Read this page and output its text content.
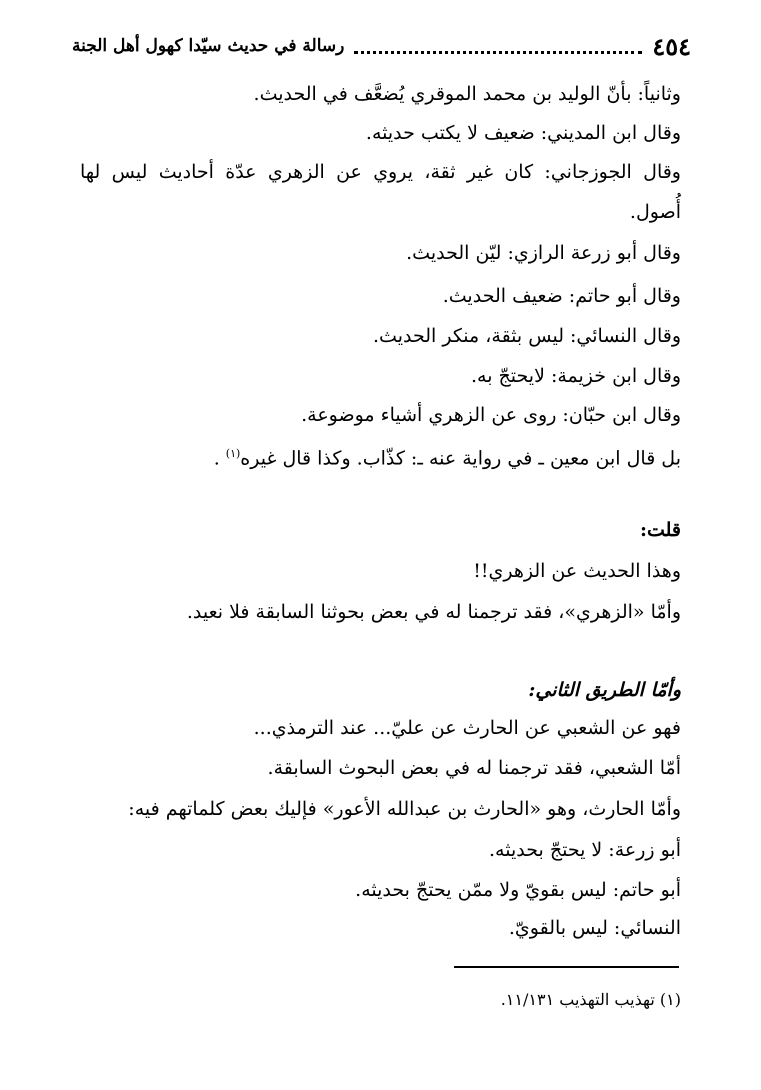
٤٥٤
رسالة في حديث سيّدا كهول أهل الجنة
وثانياً: بأنّ الوليد بن محمد الموقري يُضعَّف في الحديث.
وقال ابن المديني: ضعيف لا يكتب حديثه.
وقال الجوزجاني: كان غير ثقة، يروي عن الزهري عدّة أحاديث ليس لها
أُصول.
وقال أبو زرعة الرازي: ليّن الحديث.
وقال أبو حاتم: ضعيف الحديث.
وقال النسائي: ليس بثقة، منكر الحديث.
وقال ابن خزيمة: لايحتجّ به.
وقال ابن حبّان: روى عن الزهري أشياء موضوعة.
بل قال ابن معين ـ في رواية عنه ـ: كذّاب. وكذا قال غيره$^{(١)}$ .
قلت:
وهذا الحديث عن الزهري!!
وأمّا «الزهري»، فقد ترجمنا له في بعض بحوثنا السابقة فلا نعيد.
وأمّا الطريق الثاني:
فهو عن الشعبي عن الحارث عن عليّ... عند الترمذي...
أمّا الشعبي، فقد ترجمنا له في بعض البحوث السابقة.
وأمّا الحارث، وهو «الحارث بن عبدالله الأعور» فإليك بعض كلماتهم فيه:
أبو زرعة: لا يحتجّ بحديثه.
أبو حاتم: ليس بقويّ ولا ممّن يحتجّ بحديثه.
النسائي: ليس بالقويّ.
(١) تهذيب التهذيب ١١/١٣١.
